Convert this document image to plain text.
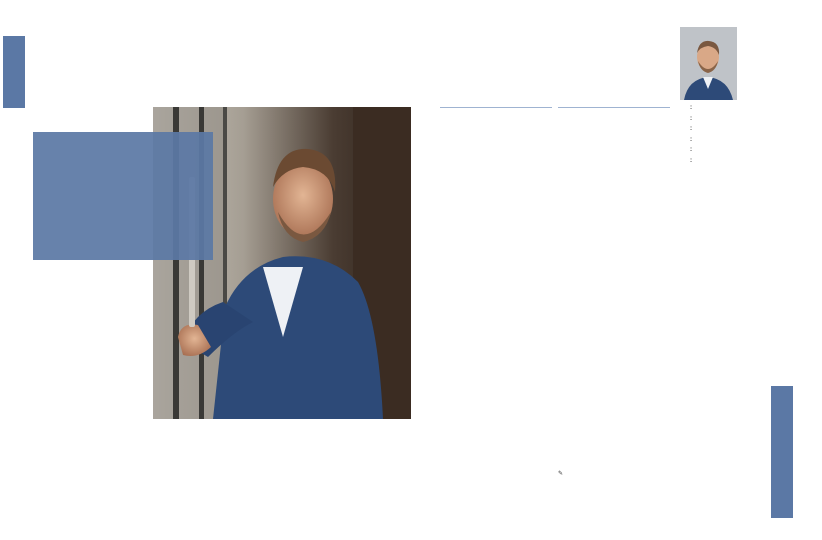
✎

:

:

:

:

:

:
